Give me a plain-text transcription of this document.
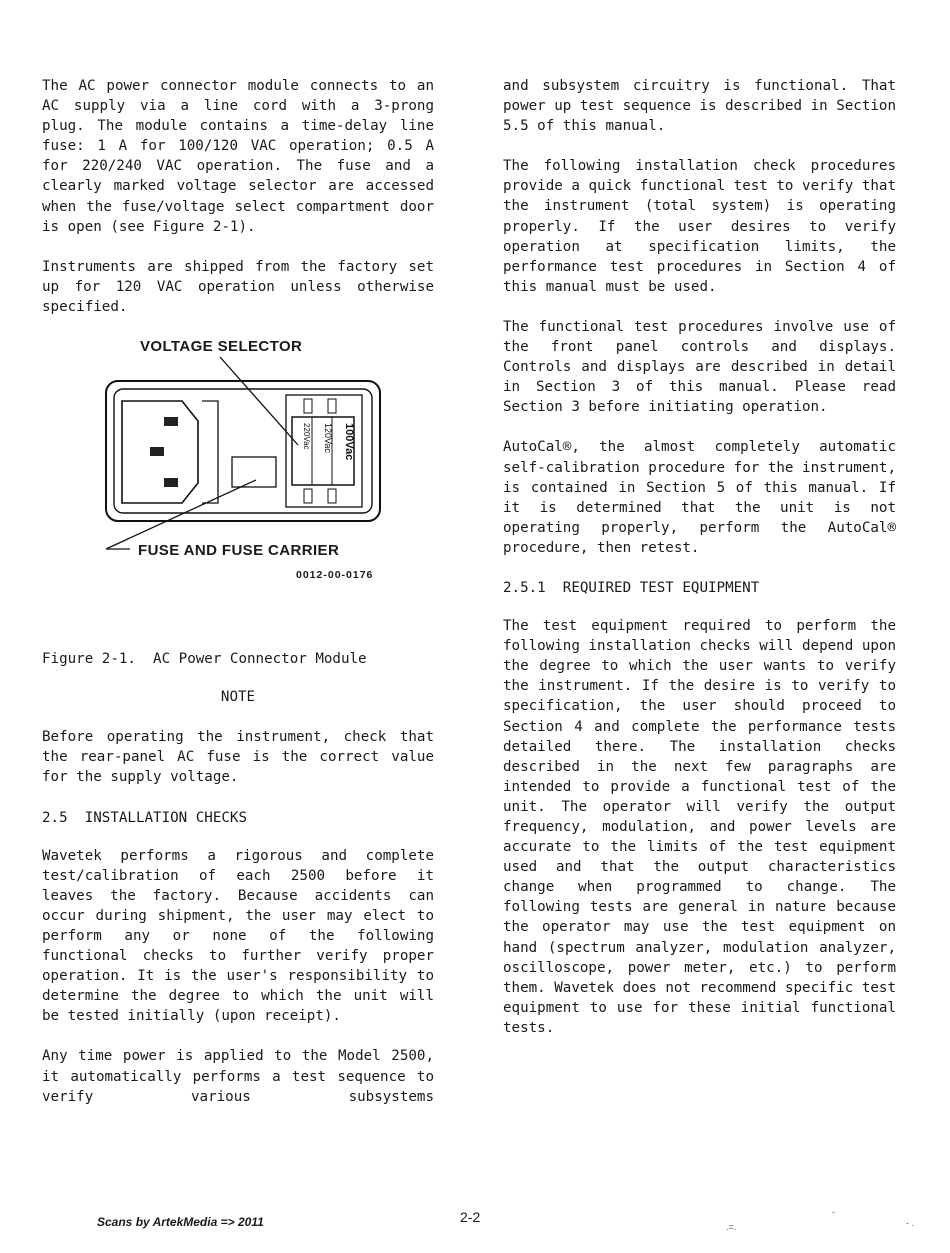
The AC power connector module connects to an AC supply via a line cord with a 3-prong plug. The module contains a time-delay line fuse: 1 A for 100/120 VAC operation; 0.5 A for 220/240 VAC operation. The fuse and a clearly marked voltage selector are accessed when the fuse/voltage select compartment door is open (see Figure 2-1).

Instruments are shipped from the factory set up for 120 VAC operation unless otherwise specified.

VOLTAGE SELECTOR
100Vac
120Vac
220Vac
FUSE AND FUSE CARRIER
0012-00-0176

Figure 2-1.  AC Power Connector Module

NOTE

Before operating the instrument, check that the rear-panel AC fuse is the correct value for the supply voltage.

2.5  INSTALLATION CHECKS

Wavetek performs a rigorous and complete test/calibration of each 2500 before it leaves the factory. Because accidents can occur during shipment, the user may elect to perform any or none of the following functional checks to further verify proper operation. It is the user's responsibility to determine the degree to which the unit will be tested initially (upon receipt).

Any time power is applied to the Model 2500, it automatically performs a test sequence to verify various subsystems

and subsystem circuitry is functional. That power up test sequence is described in Section 5.5 of this manual.

The following installation check procedures provide a quick functional test to verify that the instrument (total system) is operating properly. If the user desires to verify operation at specification limits, the performance test procedures in Section 4 of this manual must be used.

The functional test procedures involve use of the front panel controls and displays. Controls and displays are described in detail in Section 3 of this manual. Please read Section 3 before initiating operation.

AutoCal®, the almost completely automatic self-calibration procedure for the instrument, is contained in Section 5 of this manual. If it is determined that the unit is not operating properly, perform the AutoCal® procedure, then retest.

2.5.1  REQUIRED TEST EQUIPMENT

The test equipment required to perform the following installation checks will depend upon the degree to which the user wants to verify the instrument. If the desire is to verify to specification, the user should proceed to Section 4 and complete the performance tests detailed there. The installation checks described in the next few paragraphs are intended to provide a functional test of the unit. The operator will verify the output frequency, modulation, and power levels are accurate to the limits of the test equipment used and that the output characteristics change when programmed to change. The following tests are general in nature because the operator may use the test equipment on hand (spectrum analyzer, modulation analyzer, oscilloscope, power meter, etc.) to perform them. Wavetek does not recommend specific test equipment to use for these initial functional tests.

Scans by ArtekMedia => 2011	2-2
.=.
-
- .
